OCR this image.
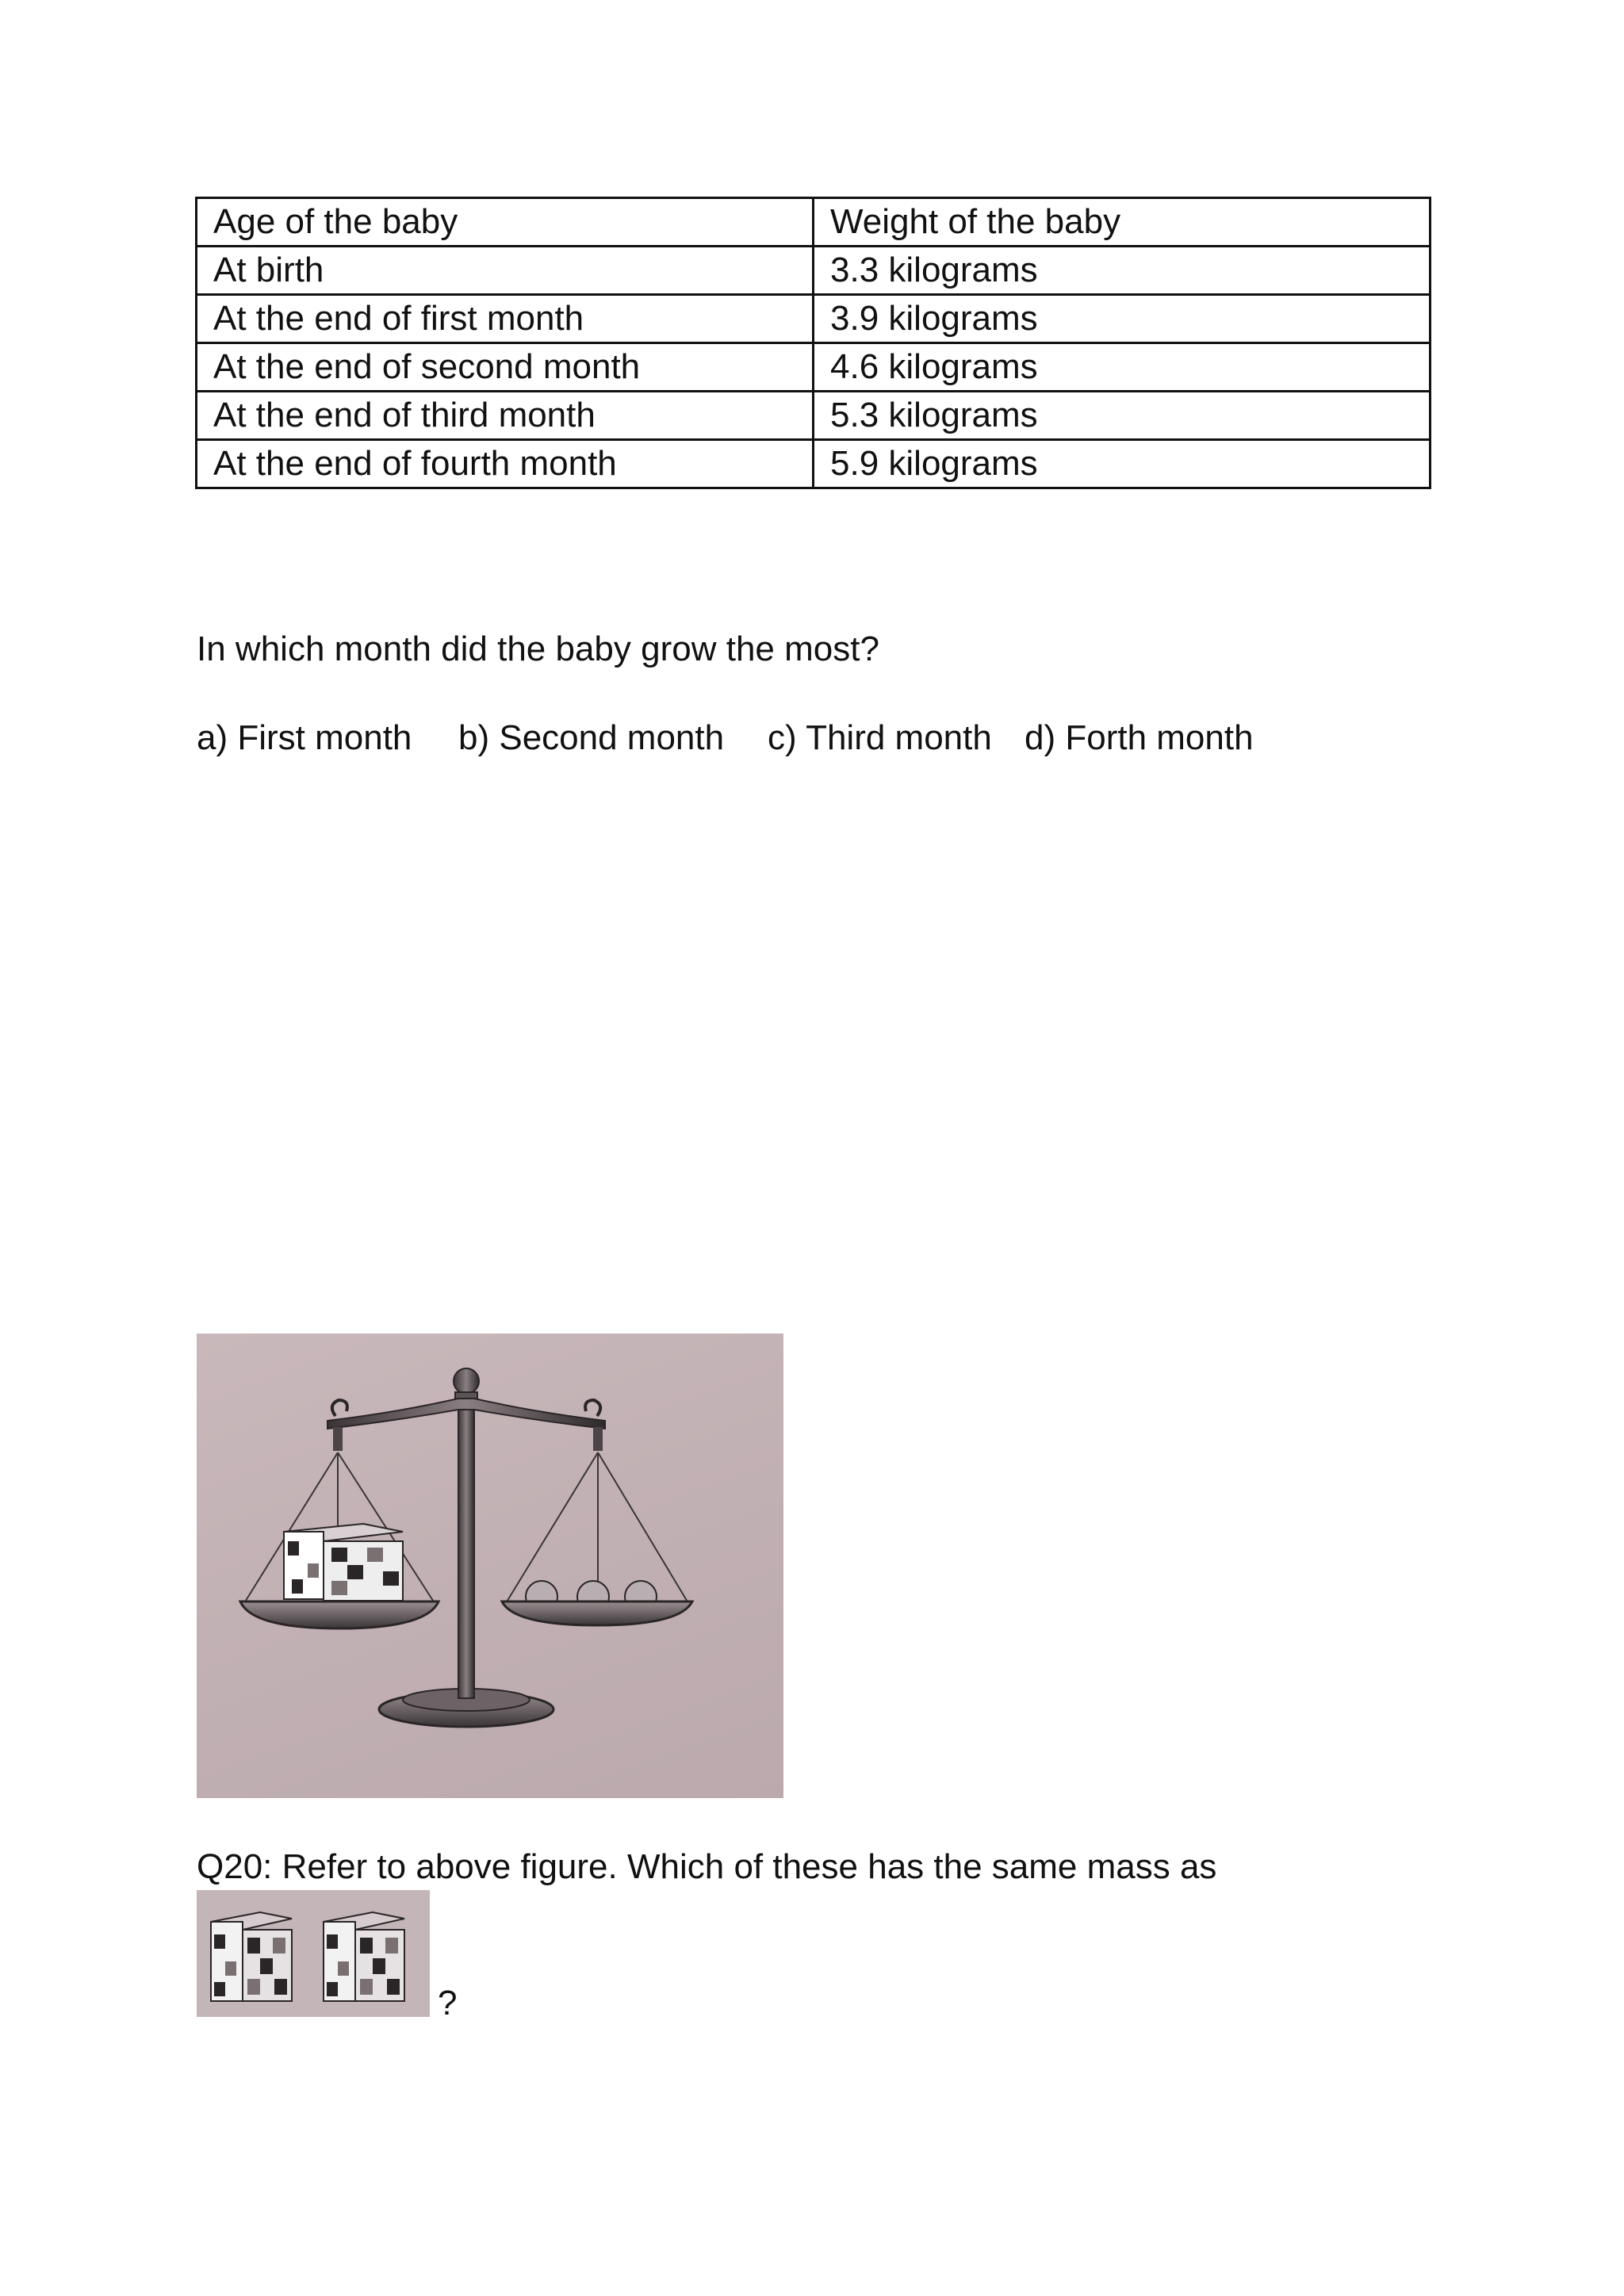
Age of the baby	Weight of the baby
At birth	3.3 kilograms
At the end of first month	3.9 kilograms
At the end of second month	4.6 kilograms
At the end of third month	5.3 kilograms
At the end of fourth month	5.9 kilograms
In which month did the baby grow the most?
a) First month b) Second month c) Third month d) Forth month
Q20: Refer to above figure. Which of these has the same mass as
?
